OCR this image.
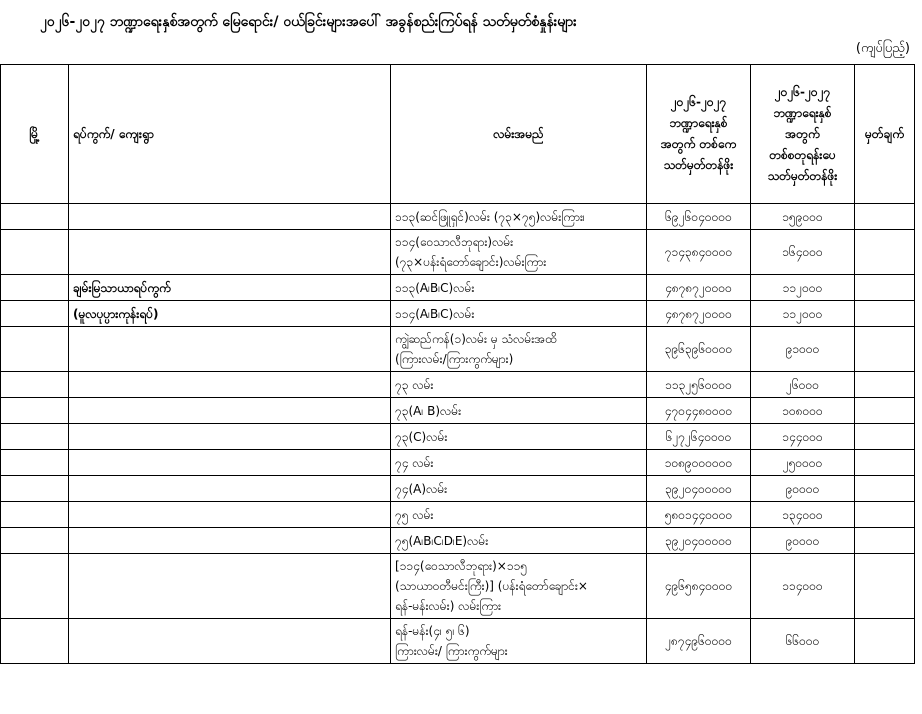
၂၀၂၆-၂၀၂၇ ဘဏ္ဍာရေးနှစ်အတွက် မြေရောင်း/ ဝယ်ခြင်းများအပေါ် အခွန်စည်းကြပ်ရန် သတ်မှတ်စံနှုန်းများ
(ကျပ်ပြည့်)
မြို့	ရပ်ကွက်/ ကျေးရွာ	လမ်းအမည်	၂၀၂၆-၂၀၂၇
ဘဏ္ဍာရေးနှစ်
အတွက် တစ်ကေ
သတ်မှတ်တန်ဖိုး	၂၀၂၆-၂၀၂၇
ဘဏ္ဍာရေးနှစ်
အတွက်
တစ်စတုရန်းပေ
သတ်မှတ်တန်ဖိုး	မှတ်ချက်

		၁၁၃(ဆင်ဖြူရှင်)လမ်း (၇၃×၇၅)လမ်းကြား၊	၆၉၂၆၀၄၀၀၀၀	၁၅၉၀၀၀	

		၁၁၄(ဝေသာလီဘုရား)လမ်း
(၇၃×ပန်းရံတော်ချောင်း)လမ်းကြား	၇၁၄၃၈၄၀၀၀၀	၁၆၄၀၀၀	
	ချမ်းမြသာယာရပ်ကွက်	၁၁၃(A၊B၊C)လမ်း	၄၈၇၈၇၂၀၀၀၀	၁၁၂၀၀၀	
	(မူလပုပ္ပားကုန်းရပ်)	၁၁၄(A၊B၊C)လမ်း	၄၈၇၈၇၂၀၀၀၀	၁၁၂၀၀၀	

		ကျွဲဆည်ကန်(၁)လမ်း မှ သံလမ်းအထိ
(ကြားလမ်း/ကြားကွက်များ)	၃၉၆၃၉၆၀၀၀၀	၉၁၀၀၀	

		၇၃ လမ်း	၁၁၃၂၅၆၀၀၀၀	၂၆၀၀၀	

		၇၃(A၊ B)လမ်း	၄၇၀၄၄၈၀၀၀၀	၁၀၈၀၀၀	

		၇၃(C)လမ်း	၆၂၇၂၆၄၀၀၀၀	၁၄၄၀၀၀	

		၇၄ လမ်း	၁၀၈၉၀၀၀၀၀၀	၂၅၀၀၀၀	

		၇၄(A)လမ်း	၃၉၂၀၄၀၀၀၀၀	၉၀၀၀၀	

		၇၅ လမ်း	၅၈၀၁၄၄၀၀၀၀	၁၃၄၀၀၀	

		၇၅(A၊B၊C၊D၊E)လမ်း	၃၉၂၀၄၀၀၀၀၀	၉၀၀၀၀	

		[၁၁၄(ဝေသာလီဘုရား)×၁၁၅
(သာယာဝတီမင်းကြီး)] (ပန်းရံတော်ချောင်း×
ရန်-မန်းလမ်း) လမ်းကြား	၄၉၆၅၈၄၀၀၀၀	၁၁၄၀၀၀	

		ရန်-မန်း(၄၊ ၅၊ ၆)
ကြားလမ်း/ ကြားကွက်များ	၂၈၇၄၉၆၀၀၀၀	၆၆၀၀၀	
